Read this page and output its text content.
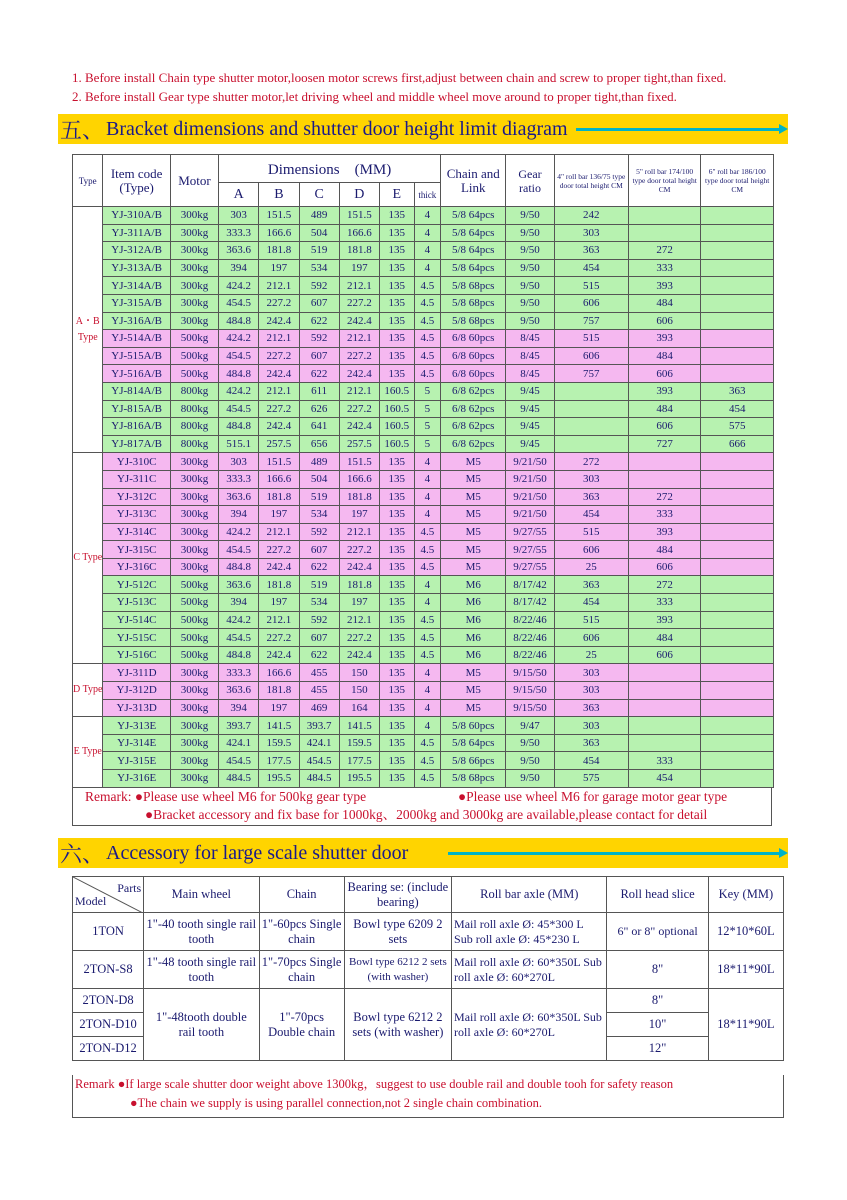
1. Before install Chain type shutter motor,loosen motor screws first,adjust between chain and screw to proper tight,than fixed.
2. Before install Gear type shutter motor,let driving wheel and middle wheel move around to proper tight,than fixed.
五、 Bracket dimensions and shutter door height limit diagram
Type	Item code (Type)	Motor	Dimensions　(MM)						Chain and Link	Gear ratio	4" roll bar 136/75 type door total height CM	5" roll bar 174/100 type door total height CM	6" roll bar 186/100 type door total height CM
			A	B	C	D	E	thick					
A・B Type	YJ-310A/B	300kg	303	151.5	489	151.5	135	4	5/8 64pcs	9/50	242		
	YJ-311A/B	300kg	333.3	166.6	504	166.6	135	4	5/8 64pcs	9/50	303		
	YJ-312A/B	300kg	363.6	181.8	519	181.8	135	4	5/8 64pcs	9/50	363	272	
	YJ-313A/B	300kg	394	197	534	197	135	4	5/8 64pcs	9/50	454	333	
	YJ-314A/B	300kg	424.2	212.1	592	212.1	135	4.5	5/8 68pcs	9/50	515	393	
	YJ-315A/B	300kg	454.5	227.2	607	227.2	135	4.5	5/8 68pcs	9/50	606	484	
	YJ-316A/B	300kg	484.8	242.4	622	242.4	135	4.5	5/8 68pcs	9/50	757	606	
	YJ-514A/B	500kg	424.2	212.1	592	212.1	135	4.5	6/8 60pcs	8/45	515	393	
	YJ-515A/B	500kg	454.5	227.2	607	227.2	135	4.5	6/8 60pcs	8/45	606	484	
	YJ-516A/B	500kg	484.8	242.4	622	242.4	135	4.5	6/8 60pcs	8/45	757	606	
	YJ-814A/B	800kg	424.2	212.1	611	212.1	160.5	5	6/8 62pcs	9/45		393	363
	YJ-815A/B	800kg	454.5	227.2	626	227.2	160.5	5	6/8 62pcs	9/45		484	454
	YJ-816A/B	800kg	484.8	242.4	641	242.4	160.5	5	6/8 62pcs	9/45		606	575
	YJ-817A/B	800kg	515.1	257.5	656	257.5	160.5	5	6/8 62pcs	9/45		727	666
C Type	YJ-310C	300kg	303	151.5	489	151.5	135	4	M5	9/21/50	272		
	YJ-311C	300kg	333.3	166.6	504	166.6	135	4	M5	9/21/50	303		
	YJ-312C	300kg	363.6	181.8	519	181.8	135	4	M5	9/21/50	363	272	
	YJ-313C	300kg	394	197	534	197	135	4	M5	9/21/50	454	333	
	YJ-314C	300kg	424.2	212.1	592	212.1	135	4.5	M5	9/27/55	515	393	
	YJ-315C	300kg	454.5	227.2	607	227.2	135	4.5	M5	9/27/55	606	484	
	YJ-316C	300kg	484.8	242.4	622	242.4	135	4.5	M5	9/27/55	25	606	
	YJ-512C	500kg	363.6	181.8	519	181.8	135	4	M6	8/17/42	363	272	
	YJ-513C	500kg	394	197	534	197	135	4	M6	8/17/42	454	333	
	YJ-514C	500kg	424.2	212.1	592	212.1	135	4.5	M6	8/22/46	515	393	
	YJ-515C	500kg	454.5	227.2	607	227.2	135	4.5	M6	8/22/46	606	484	
	YJ-516C	500kg	484.8	242.4	622	242.4	135	4.5	M6	8/22/46	25	606	
D Type	YJ-311D	300kg	333.3	166.6	455	150	135	4	M5	9/15/50	303		
	YJ-312D	300kg	363.6	181.8	455	150	135	4	M5	9/15/50	303		
	YJ-313D	300kg	394	197	469	164	135	4	M5	9/15/50	363		
E Type	YJ-313E	300kg	393.7	141.5	393.7	141.5	135	4	5/8 60pcs	9/47	303		
	YJ-314E	300kg	424.1	159.5	424.1	159.5	135	4.5	5/8 64pcs	9/50	363		
	YJ-315E	300kg	454.5	177.5	454.5	177.5	135	4.5	5/8 66pcs	9/50	454	333	
	YJ-316E	300kg	484.5	195.5	484.5	195.5	135	4.5	5/8 68pcs	9/50	575	454	
Remark: ●Please use wheel M6 for 500kg gear type	●Please use wheel M6 for garage motor gear type
●Bracket accessory and fix base for 1000kg、2000kg and 3000kg are available,please contact for detail
六、 Accessory for large scale shutter door
Parts
Model	Main wheel	Chain	Bearing se: (include bearing)	Roll bar axle (MM)	Roll head slice	Key (MM)
1TON	1"-40 tooth single rail tooth	1"-60pcs Single chain	Bowl type 6209 2 sets	Mail roll axle Ø: 45*300 L Sub roll axle Ø: 45*230 L	6" or 8" optional	12*10*60L
2TON-S8	1"-48 tooth single rail tooth	1"-70pcs Single chain	Bowl type 6212 2 sets (with washer)	Mail roll axle Ø: 60*350L Sub roll axle Ø: 60*270L	8"	18*11*90L
2TON-D8	1"-48tooth double rail tooth	1"-70pcs Double chain	Bowl type 6212 2 sets (with washer)	Mail roll axle Ø: 60*350L Sub roll axle Ø: 60*270L	8"	18*11*90L
2TON-D10					10"	
2TON-D12					12"	
Remark ●If large scale shutter door weight above 1300kg，suggest to use double rail and double tooh for safety reason
●The chain we supply is using parallel connection,not 2 single chain combination.
